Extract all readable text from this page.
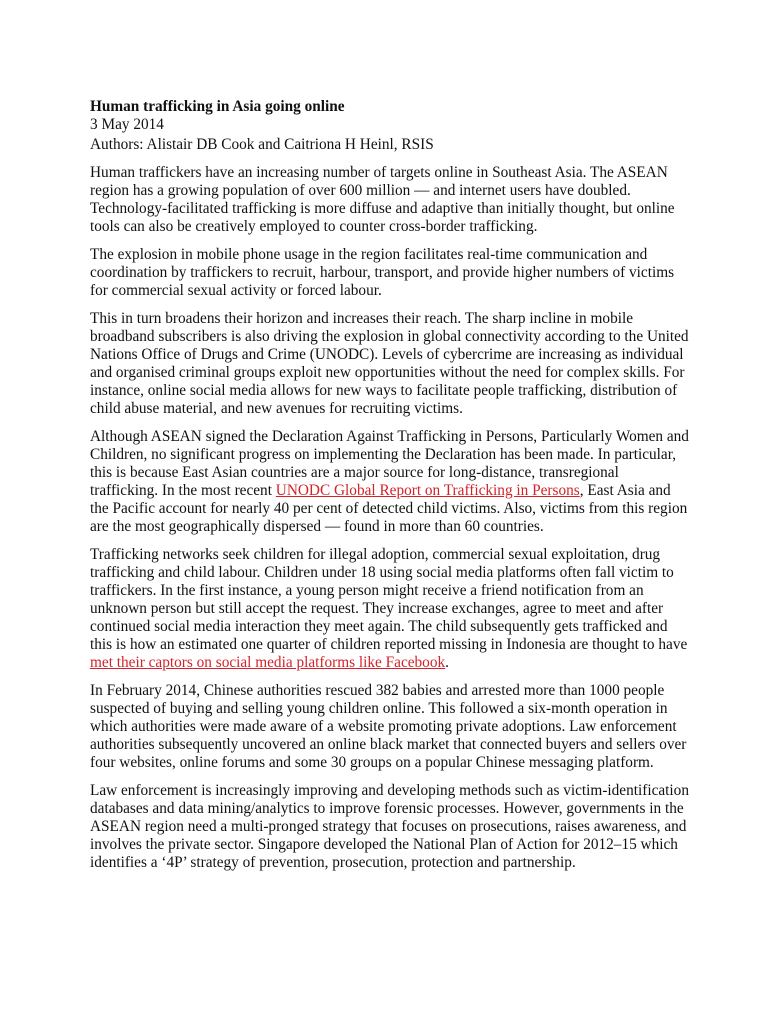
Human trafficking in Asia going online
3 May 2014
Authors: Alistair DB Cook and Caitriona H Heinl, RSIS

Human traffickers have an increasing number of targets online in Southeast Asia. The ASEAN region has a growing population of over 600 million — and internet users have doubled. Technology-facilitated trafficking is more diffuse and adaptive than initially thought, but online tools can also be creatively employed to counter cross-border trafficking.

The explosion in mobile phone usage in the region facilitates real-time communication and coordination by traffickers to recruit, harbour, transport, and provide higher numbers of victims for commercial sexual activity or forced labour.

This in turn broadens their horizon and increases their reach. The sharp incline in mobile broadband subscribers is also driving the explosion in global connectivity according to the United Nations Office of Drugs and Crime (UNODC). Levels of cybercrime are increasing as individual and organised criminal groups exploit new opportunities without the need for complex skills. For instance, online social media allows for new ways to facilitate people trafficking, distribution of child abuse material, and new avenues for recruiting victims.

Although ASEAN signed the Declaration Against Trafficking in Persons, Particularly Women and Children, no significant progress on implementing the Declaration has been made. In particular, this is because East Asian countries are a major source for long-distance, transregional trafficking. In the most recent UNODC Global Report on Trafficking in Persons, East Asia and the Pacific account for nearly 40 per cent of detected child victims. Also, victims from this region are the most geographically dispersed — found in more than 60 countries.

Trafficking networks seek children for illegal adoption, commercial sexual exploitation, drug trafficking and child labour. Children under 18 using social media platforms often fall victim to traffickers. In the first instance, a young person might receive a friend notification from an unknown person but still accept the request. They increase exchanges, agree to meet and after continued social media interaction they meet again. The child subsequently gets trafficked and this is how an estimated one quarter of children reported missing in Indonesia are thought to have met their captors on social media platforms like Facebook.

In February 2014, Chinese authorities rescued 382 babies and arrested more than 1000 people suspected of buying and selling young children online. This followed a six-month operation in which authorities were made aware of a website promoting private adoptions. Law enforcement authorities subsequently uncovered an online black market that connected buyers and sellers over four websites, online forums and some 30 groups on a popular Chinese messaging platform.

Law enforcement is increasingly improving and developing methods such as victim-identification databases and data mining/analytics to improve forensic processes. However, governments in the ASEAN region need a multi-pronged strategy that focuses on prosecutions, raises awareness, and involves the private sector. Singapore developed the National Plan of Action for 2012–15 which identifies a ‘4P’ strategy of prevention, prosecution, protection and partnership.
